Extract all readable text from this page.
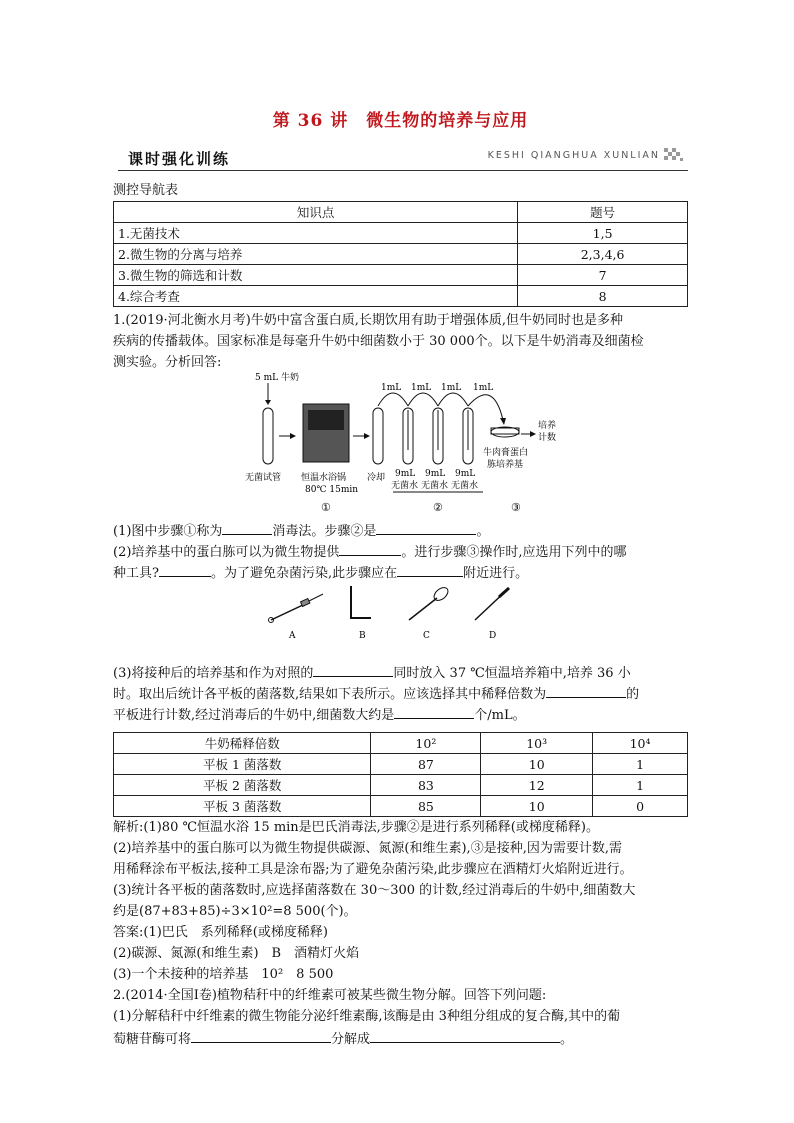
第 36 讲　微生物的培养与应用
课时强化训练	KESHI QIANGHUA XUNLIAN
测控导航表
知识点	题号
1.无菌技术	1,5
2.微生物的分离与培养	2,3,4,6
3.微生物的筛选和计数	7
4.综合考查	8
1.(2019·河北衡水月考)牛奶中富含蛋白质,长期饮用有助于增强体质,但牛奶同时也是多种
疾病的传播载体。国家标准是每毫升牛奶中细菌数小于 30 000个。以下是牛奶消毒及细菌检
测实验。分析回答:
5 mL 牛奶
无菌试管 恒温水浴锅
80℃ 15min
冷却
1mL 1mL 1mL 1mL
9mL 9mL 9mL
无菌水 无菌水 无菌水
培养
计数
牛肉膏蛋白
胨培养基
①	②	③
(1)图中步骤①称为	消毒法。步骤②是	。
(2)培养基中的蛋白胨可以为微生物提供	。进行步骤③操作时,应选用下列中的哪
种工具?	。为了避免杂菌污染,此步骤应在	附近进行。
A	B	C	D
(3)将接种后的培养基和作为对照的	同时放入 37 ℃恒温培养箱中,培养 36 小
时。取出后统计各平板的菌落数,结果如下表所示。应该选择其中稀释倍数为	的
平板进行计数,经过消毒后的牛奶中,细菌数大约是	个/mL。
牛奶稀释倍数	10²	10³	10⁴
平板 1 菌落数	87	10	1
平板 2 菌落数	83	12	1
平板 3 菌落数	85	10	0
解析:(1)80 ℃恒温水浴 15 min是巴氏消毒法,步骤②是进行系列稀释(或梯度稀释)。
(2)培养基中的蛋白胨可以为微生物提供碳源、氮源(和维生素),③是接种,因为需要计数,需
用稀释涂布平板法,接种工具是涂布器;为了避免杂菌污染,此步骤应在酒精灯火焰附近进行。
(3)统计各平板的菌落数时,应选择菌落数在 30～300 的计数,经过消毒后的牛奶中,细菌数大
约是(87+83+85)÷3×10²=8 500(个)。
答案:(1)巴氏　系列稀释(或梯度稀释)
(2)碳源、氮源(和维生素)　B　酒精灯火焰
(3)一个未接种的培养基　10²　8 500
2.(2014·全国Ⅰ卷)植物秸秆中的纤维素可被某些微生物分解。回答下列问题:
(1)分解秸秆中纤维素的微生物能分泌纤维素酶,该酶是由 3种组分组成的复合酶,其中的葡
萄糖苷酶可将	分解成	。
